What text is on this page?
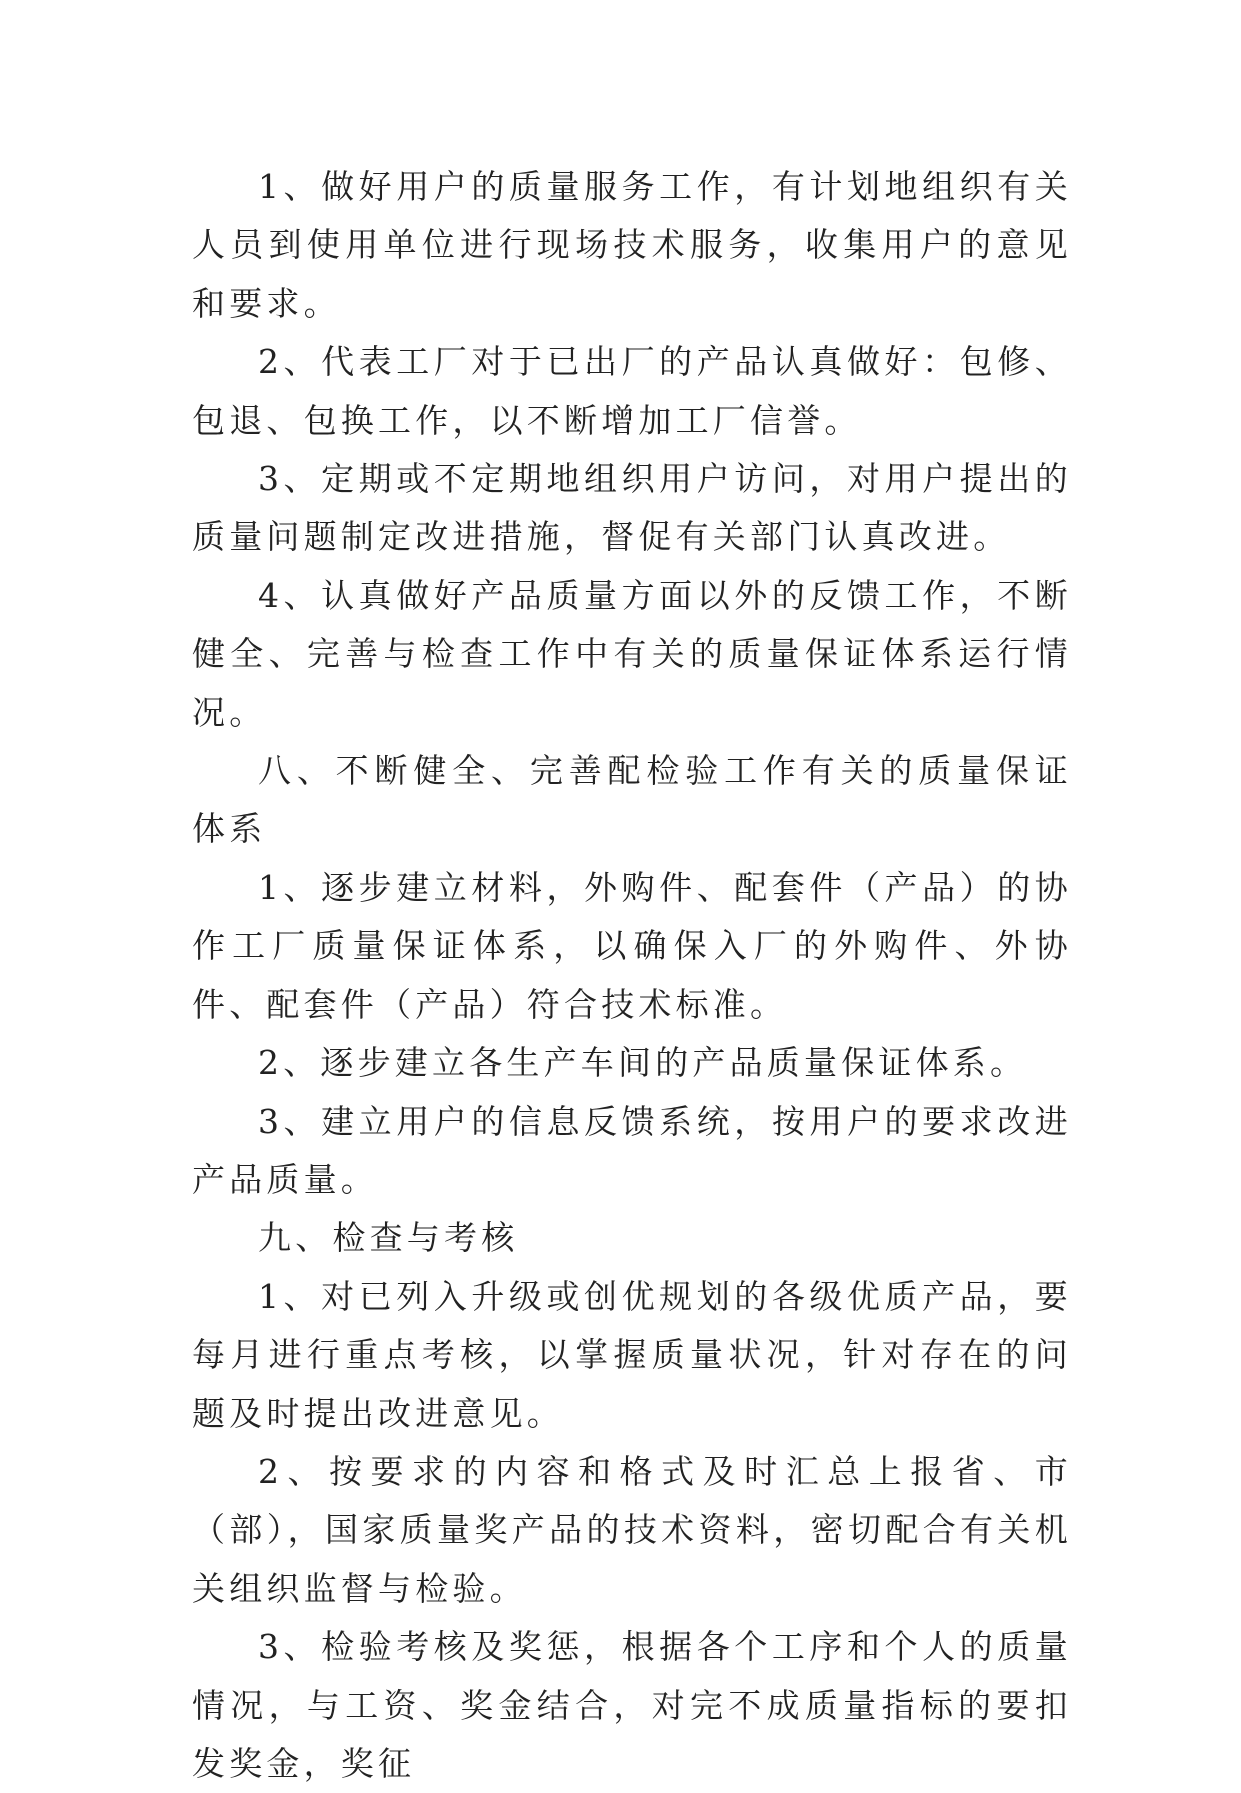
1、做好用户的质量服务工作，有计划地组织有关人员到使用单位进行现场技术服务，收集用户的意见和要求。

2、代表工厂对于已出厂的产品认真做好：包修、包退、包换工作，以不断增加工厂信誉。

3、定期或不定期地组织用户访问，对用户提出的质量问题制定改进措施，督促有关部门认真改进。

4、认真做好产品质量方面以外的反馈工作，不断健全、完善与检查工作中有关的质量保证体系运行情况。

八、不断健全、完善配检验工作有关的质量保证体系

1、逐步建立材料，外购件、配套件（产品）的协作工厂质量保证体系，以确保入厂的外购件、外协件、配套件（产品）符合技术标准。

2、逐步建立各生产车间的产品质量保证体系。

3、建立用户的信息反馈系统，按用户的要求改进产品质量。

九、检查与考核

1、对已列入升级或创优规划的各级优质产品，要每月进行重点考核，以掌握质量状况，针对存在的问题及时提出改进意见。

2、按要求的内容和格式及时汇总上报省、市（部），国家质量奖产品的技术资料，密切配合有关机关组织监督与检验。

3、检验考核及奖惩，根据各个工序和个人的质量情况，与工资、奖金结合，对完不成质量指标的要扣发奖金，奖征
